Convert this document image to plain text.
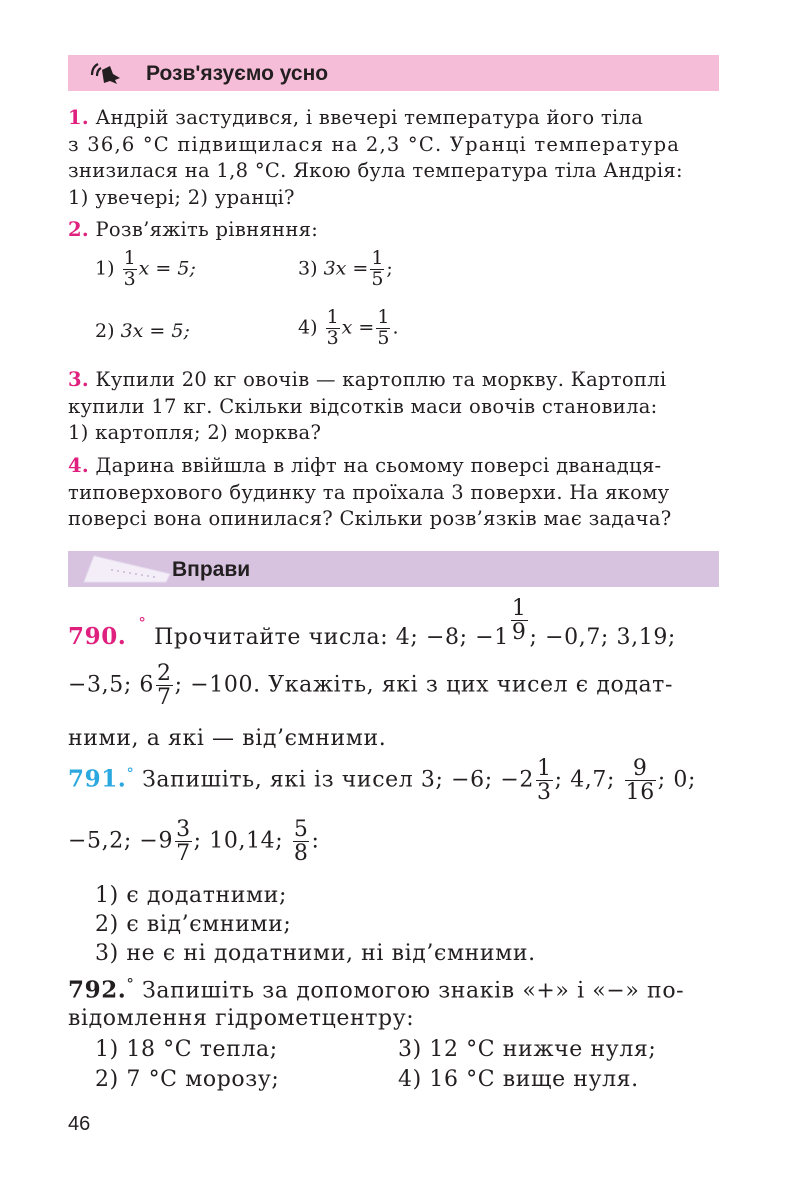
Розв'язуємо усно
1. Андрій застудився, і ввечері температура його тіла
з 36,6 °С підвищилася на 2,3 °С. Уранці температура
знизилася на 1,8 °С. Якою була температура тіла Андрія:
1) увечері; 2) уранці?
2. Розв’яжіть рівняння:
$1) \frac{1}{3}$ x = 5;	3) $3x = \frac{1}{5}$ ;
2) 3x = 5;	$4) \frac{1}{3}$ $x = \frac{1}{5}$ .
3. Купили 20 кг овочів — картоплю та моркву. Картоплі
купили 17 кг. Скільки відсотків маси овочів становила:
1) картопля; 2) морква?
4. Дарина ввійшла в ліфт на сьомому поверсі дванадця-
типоверхового будинку та проїхала 3 поверхи. На якому
поверсі вона опинилася? Скільки розв’язків має задача?
Вправи
790. ° Прочитайте числа: 4; −8; $-1 \frac{1}{9}$ ; −0,7; 3,19;
−3,5; $6 \frac{2}{7}$ ; −100. Укажіть, які з цих чисел є додат-
ними, а які — від’ємними.
791.° Запишіть, які із чисел 3; −6; $-2 \frac{1}{3}$ ; 4,7; $\frac{9}{16}$ ; 0;
−5,2; $-9 \frac{3}{7}$ ; 10,14; $\frac{5}{8}$ :
1) є додатними;
2) є від’ємними;
3) не є ні додатними, ні від’ємними.
792.° Запишіть за допомогою знаків «+» і «−» по-
відомлення гідрометцентру:
1) 18 °С тепла;	3) 12 °С нижче нуля;
2) 7 °С морозу;	4) 16 °С вище нуля.
46
